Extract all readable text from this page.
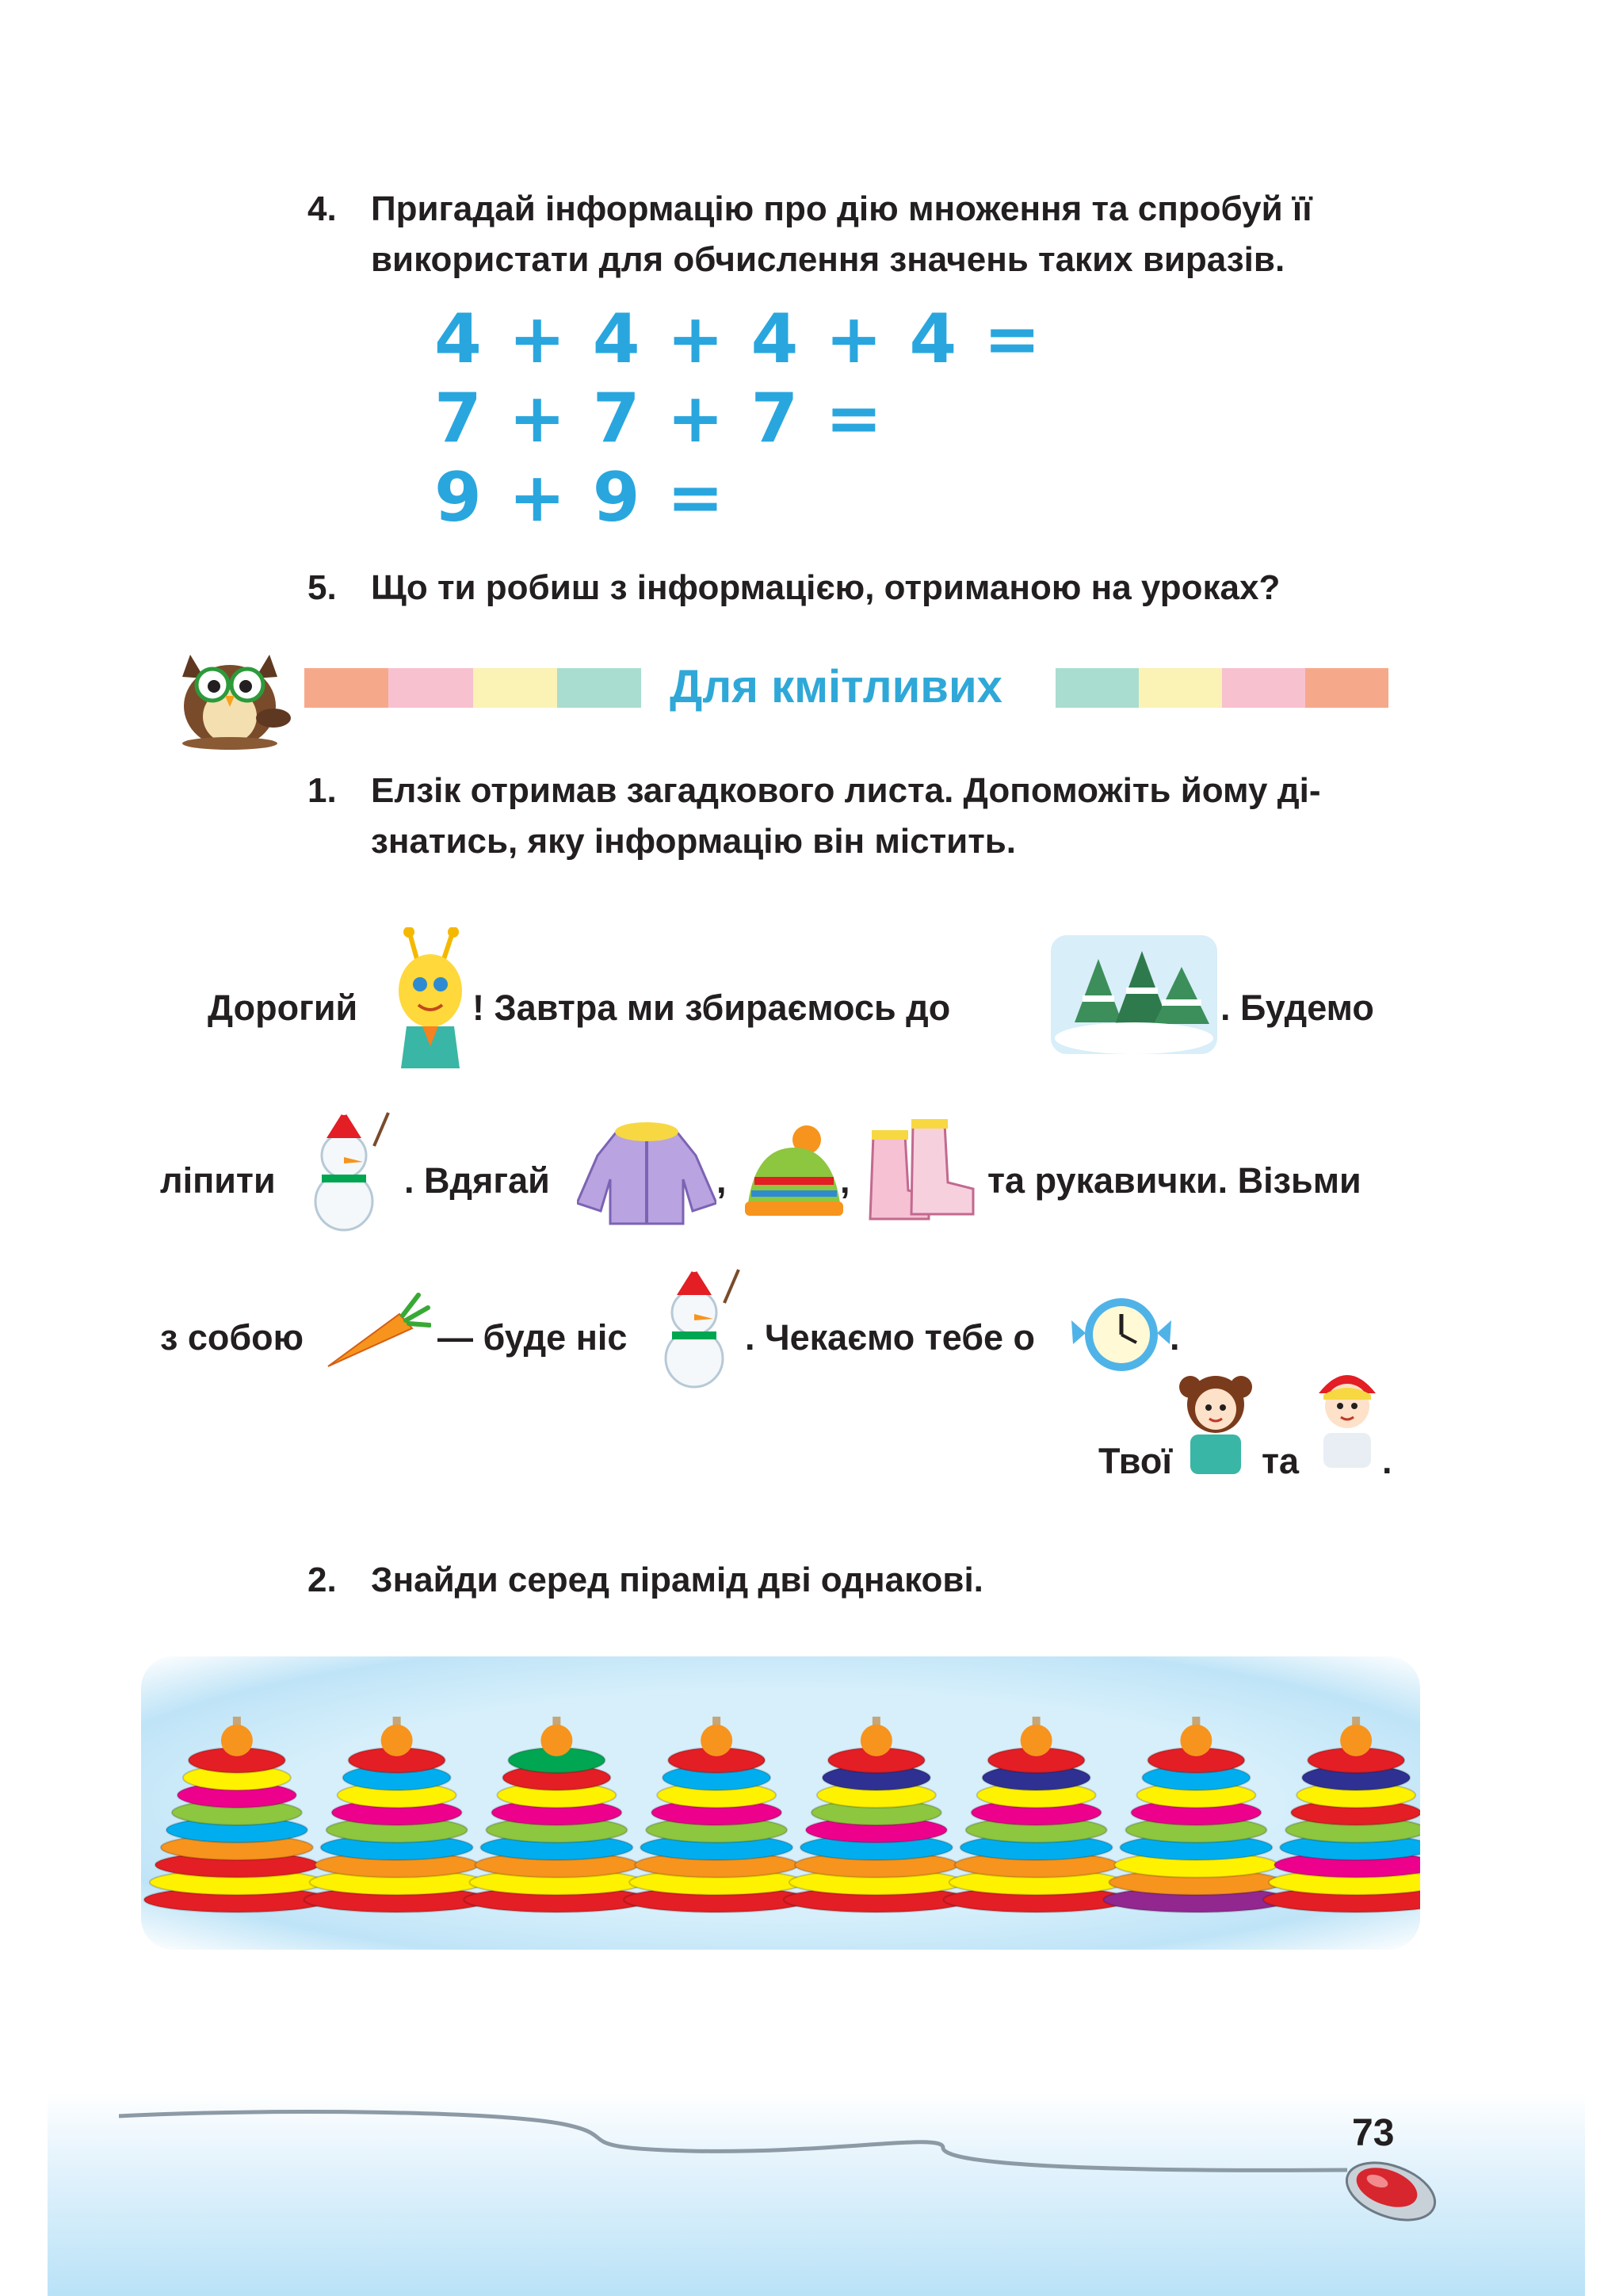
4. Пригадай інформацію про дію множення та спробуй її
використати для обчислення значень таких виразів.
4 + 4 + 4 + 4 =
7 + 7 + 7 =
9 + 9 =
5. Що ти робиш з інформацією, отриманою на уроках?
Для кмітливих
1. Елзік отримав загадкового листа. Допоможіть йому ді-
знатись, яку інформацію він містить.
Дорогий	! Завтра ми збираємось до	. Будемо
ліпити	. Вдягай	,	,	та рукавички. Візьми
з собою	— буде ніс	. Чекаємо тебе о	.
Твої	та .
2. Знайди серед пірамід дві однакові.
73
